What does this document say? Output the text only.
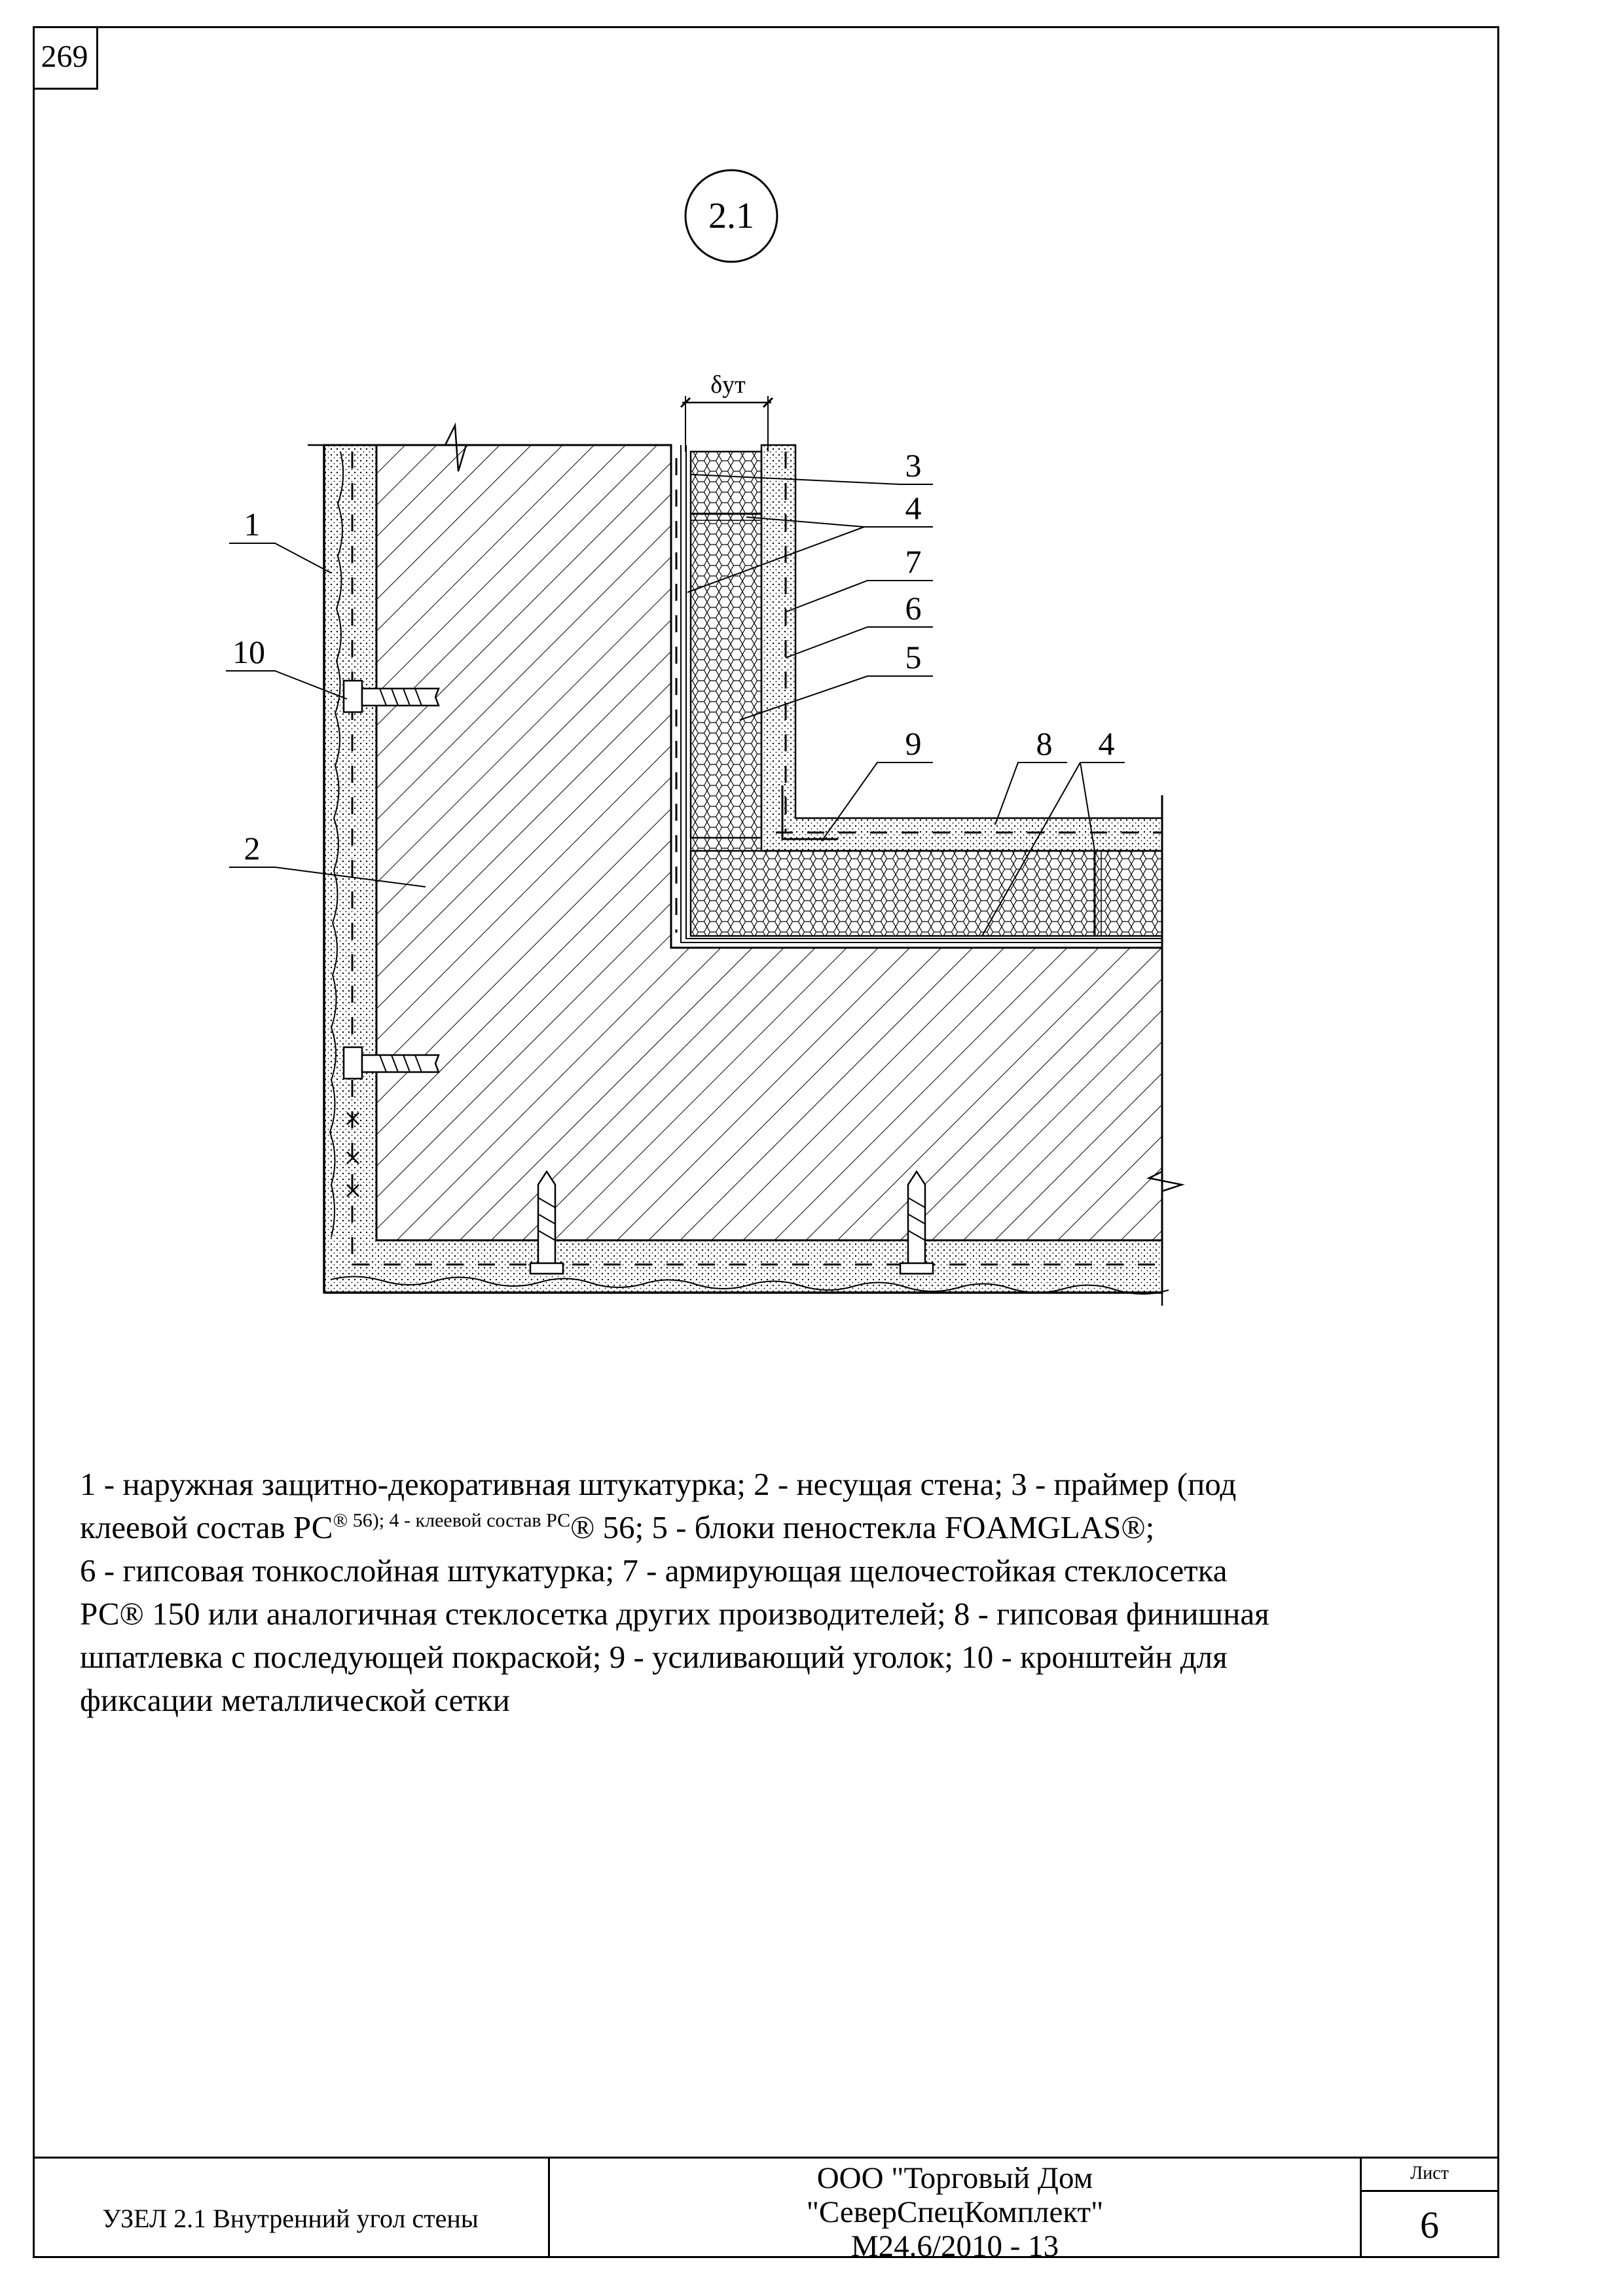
269
2.1
δут
1
10
2
3
4
7
6
5
9	8 4
1 - наружная защитно-декоративная штукатурка; 2 - несущая стена; 3 - праймер (под
клеевой состав $РС^{® 56); 4 - клеевой состав РС}®$ 56; 5 - блоки пеностекла FOAMGLAS®;
6 - гипсовая тонкослойная штукатурка; 7 - армирующая щелочестойкая стеклосетка
РС® 150 или аналогичная стеклосетка других производителей; 8 - гипсовая финишная
шпатлевка с последующей покраской; 9 - усиливающий уголок; 10 - кронштейн для
фиксации металлической сетки
УЗЕЛ 2.1 Внутренний угол стены
ООО "Торговый Дом
"СеверСпецКомплект"
М24.6/2010 - 13
Лист
6
